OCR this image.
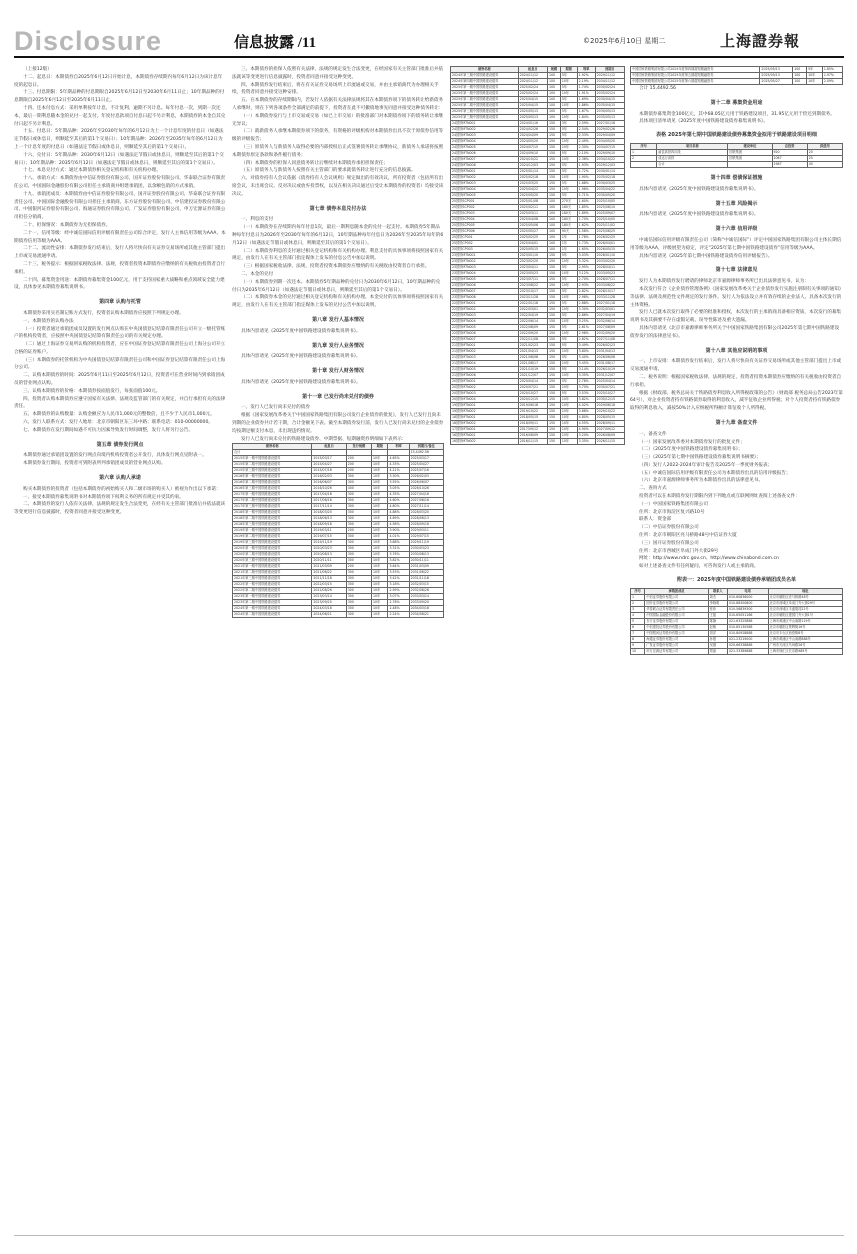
Disclosure	信息披露 /11	©2025年6月10日 星期二	上海證券報

（上接12版）

十二、起息日：本期债券自2025年6月12日开始计息，本期债券存续期内每年6月12日为该计息年度的起息日。

十三、付息期限：5年期品种的付息期限自2025年6月12日至2030年6月11日止；10年期品种的付息期限自2025年6月12日至2035年6月11日止。

十四、还本付息方式：采用单利按年计息，不计复利。逾期不另计息。每年付息一次，到期一次还本，最后一期利息随本金的兑付一起支付。年度付息款项自付息日起不另计利息，本期债券的本金自其兑付日起不另计利息。

十五、付息日：5年期品种：2026年至2030年每年的6月12日为上一个计息年度的付息日（如遇法定节假日或休息日，则顺延至其后的第1个交易日）；10年期品种：2026年至2035年每年的6月12日为上一个计息年度的付息日（如遇法定节假日或休息日，则顺延至其后的第1个交易日）。

十六、兑付日：5年期品种：2030年6月12日（如遇法定节假日或休息日，则顺延至其后的第1个交易日）；10年期品种：2035年6月12日（如遇法定节假日或休息日，则顺延至其后的第1个交易日）。

十七、本息兑付方式：通过本期债券相关登记机构和有关机构办理。

十八、承销方式：本期债券由中信证券股份有限公司、国开证券股份有限公司、华泰联合证券有限责任公司、中国国际金融股份有限公司担任主承销商并组建承销团，以余额包销的方式承销。

十九、承销团成员：本期债券由中信证券股份有限公司、国开证券股份有限公司、华泰联合证券有限责任公司、中国国际金融股份有限公司担任主承销商，东方证券股份有限公司、中信建投证券股份有限公司、中国银河证券股份有限公司、海通证券股份有限公司、广发证券股份有限公司、申万宏源证券有限公司担任分销商。

二十、担保情况：本期债券为无担保债券。

二十一、信用等级：经中诚信国际信用评级有限责任公司综合评定，发行人主体信用等级为AAA，本期债券信用等级为AAA。

二十二、流动性安排：本期债券发行结束后，发行人将尽快向有关证券交易场所或其他主管部门提出上市或交易流通申请。

二十三、税务提示：根据国家税收法律、法规，投资者投资本期债券应缴纳的有关税收由投资者自行承担。

二十四、募集资金用途：本期债券募集资金100亿元，用于支持国家重大战略和重点领域安全能力建设，具体参见本期债券募集说明书。

第四章 认购与托管

本期债券采用实名制记账方式发行，投资者认购本期债券应按照下列规定办理。

一、本期债券的认购办法

（一）投资者通过承销团成员设置的发行网点认购在中央国债登记结算有限责任公司开立一级托管账户的机构投资者，应按照中央国债登记结算有限责任公司的有关规定办理。

（二）通过上海证券交易所认购的机构投资者，应在中国证券登记结算有限责任公司上海分公司开立合格的证券账户。

（三）本期债券的托管机构为中央国债登记结算有限责任公司和中国证券登记结算有限责任公司上海分公司。

二、认购本期债券的时间：2025年6月11日至2025年6月12日，投资者可在营业时间内到承销团成员的营业网点认购。

三、认购本期债券的价格：本期债券按面值发行，每张面值100元。

四、投资者认购本期债券应遵守国家有关法律、法规及监管部门的有关规定，并自行承担有关的法律责任。

五、本期债券的认购数量：认购金额应为人民币1,000元的整数倍，且不少于人民币1,000元。

六、发行人联系方式：发行人地址：北京市朝阳区东三环中路；联系电话：010-00000000。

七、本期债券在发行期间如遇不可抗力因素导致发行时间调整，发行人将另行公告。

第五章 债券发行网点

本期债券通过承销团设置的发行网点向境内机构投资者公开发行，具体发行网点见附表一。

本期债券发行期间，投资者可到附表所列承销团成员的营业网点认购。

第六章 认购人承诺

购买本期债券的投资者（包括本期债券的初始购买人和二级市场的购买人）被视为作出以下承诺：

一、接受本期债券募集说明书对本期债券项下权利义务的所有规定并受其约束。

二、本期债券的发行人依有关法律、法规的规定发生合法变更，在经有关主管部门批准后并依法就该等变更进行信息披露时，投资者同意并接受这种变更。

三、本期债券的担保人依照有关法律、法规的规定发生合法变更，在经国家有关主管部门批准后并依法就该等变更进行信息披露时，投资者同意并接受这种变更。

四、本期债券发行结束后，将在有关证券交易场所上市流通或交易，并由主承销商代为办理相关手续，投资者同意并接受这种安排。

五、在本期债券的存续期限内，若发行人依据有关法律法规将其在本期债券项下的债务转让给新债务人承继时，则在下列各项条件全部满足的前提下，投资者在此不可撤销地事先同意并接受这种债务转让：

（一）本期债券发行与上市交易或交易（如已上市交易）的批准部门对本期债券项下的债务转让承继无异议；

（二）就新债务人承继本期债券项下的债务，有资格的评级机构对本期债券出具不次于原债券信用等级的评级报告；

（三）原债务人与新债务人取得必要的内部授权后正式签署债务转让承继协议，新债务人承诺将按照本期债券原定条款和条件履行债务；

（四）本期债券的担保人同意债务转让后继续对本期债券承担担保责任；

（五）原债务人与新债务人按照有关主管部门的要求就债务转让进行充分的信息披露。

六、对债券持有人会议依据《债券持有人会议规则》规定做出的有效决议，所有投资者（包括所有出席会议、未出席会议、反对决议或放弃投票权，以及在相关决议通过后受让本期债券的投资者）均接受该决议。

第七章 债券本息兑付办法

一、利息的支付

（一）本期债券在存续期内每年付息1次，最后一期利息随本金的兑付一起支付。本期债券5年期品种每年付息日为2026年至2030年每年的6月12日，10年期品种每年付息日为2026年至2035年每年的6月12日（如遇法定节假日或休息日，则顺延至其后的第1个交易日）。

（二）本期债券利息的支付通过相关登记机构和有关机构办理。利息支付的具体事项将按照国家有关规定，由发行人在有关主管部门指定媒体上发布的付息公告中加以说明。

（三）根据国家税收法律、法规，投资者投资本期债券应缴纳的有关税收由投资者自行承担。

二、本金的兑付

（一）本期债券到期一次还本。本期债券5年期品种的兑付日为2030年6月12日，10年期品种的兑付日为2035年6月12日（如遇法定节假日或休息日，则顺延至其后的第1个交易日）。

（二）本期债券本金的兑付通过相关登记机构和有关机构办理。本金兑付的具体事项将按照国家有关规定，由发行人在有关主管部门指定媒体上发布的兑付公告中加以说明。

第八章 发行人基本情况

具体内容请见《2025年度中国铁路建设债券募集说明书》。

第九章 发行人业务情况

具体内容请见《2025年度中国铁路建设债券募集说明书》。

第十章 发行人财务情况

具体内容请见《2025年度中国铁路建设债券募集说明书》。

第十一章 已发行尚未兑付的债券

一、发行人已发行尚未兑付的债券

根据《国家发展改革委关于中国国家铁路集团有限公司发行企业债券的批复》，发行人已发行且尚未到期的企业债券共计若干期，合计金额见下表。截至本期债券发行前，发行人已发行尚未兑付的企业债券均按期足额支付本息，未出现违约情况。

发行人已发行尚未兑付的铁路建设债券、中期票据、短期融资券明细如下表所示：

债券名称	起息日	发行规模	期限	利率	到期日/备注
合计					15,4492.56
2015年第一期中国铁路建设债券	2015/03/17	200	10年	4.65%	2025/03/17
2015年第二期中国铁路建设债券	2015/04/27	200	10年	4.33%	2025/04/27
2015年第三期中国铁路建设债券	2015/07/16	200	10年	4.21%	2025/07/16
2016年第一期中国铁路建设债券	2016/02/03	300	10年	3.30%	2026/02/03
2016年第二期中国铁路建设债券	2016/06/07	300	10年	3.55%	2026/06/07
2016年第三期中国铁路建设债券	2016/10/26	400	10年	3.05%	2026/10/26
2017年第一期中国铁路建设债券	2017/04/18	300	10年	4.35%	2027/04/18
2017年第二期中国铁路建设债券	2017/08/16	300	10年	4.60%	2027/08/16
2017年第三期中国铁路建设债券	2017/11/14	300	10年	4.80%	2027/11/14
2018年第一期中国铁路建设债券	2018/03/20	300	10年	4.88%	2028/03/20
2018年第二期中国铁路建设债券	2018/06/13	300	10年	4.69%	2028/06/13
2018年第三期中国铁路建设债券	2018/09/18	300	10年	4.58%	2028/09/18
2019年第一期中国铁路建设债券	2019/03/11	200	10年	3.90%	2029/03/11
2019年第二期中国铁路建设债券	2019/07/15	300	10年	4.01%	2029/07/15
2019年第三期中国铁路建设债券	2019/11/19	300	10年	3.88%	2029/11/19
2020年第一期中国铁路建设债券	2020/03/23	300	10年	3.31%	2030/03/23
2020年第二期中国铁路建设债券	2020/08/13	300	10年	3.76%	2030/08/13
2020年第三期中国铁路建设债券	2020/11/11	300	10年	3.82%	2030/11/11
2021年第一期中国铁路建设债券	2021/03/09	200	10年	3.64%	2031/03/09
2021年第二期中国铁路建设债券	2021/06/22	300	10年	3.53%	2031/06/22
2021年第三期中国铁路建设债券	2021/11/18	300	10年	3.42%	2031/11/18
2022年第一期中国铁路建设债券	2022/03/15	300	10年	3.18%	2032/03/15
2022年第二期中国铁路建设债券	2022/08/26	300	10年	2.99%	2032/08/26
2023年第一期中国铁路建设债券	2023/03/14	300	10年	3.07%	2033/03/14
2023年第二期中国铁路建设债券	2023/09/20	300	10年	2.78%	2033/09/20
2024年第一期中国铁路建设债券	2024/03/18	300	10年	2.48%	2034/03/18
2024年第二期中国铁路建设债券	2024/08/21	300	10年	2.24%	2034/08/21
债券名称	起息日	规模	期限	利率	到期日
2024年第三期中国铁路建设债券	2024/11/12	100	5年	1.92%	2029/11/12
2024年第四期中国铁路建设债券	2024/11/12	100	10年	2.19%	2034/11/12
2025年第一期中国铁路建设债券	2025/02/24	100	5年	1.74%	2030/02/24
2025年第一期中国铁路建设债券	2025/02/24	100	10年	1.91%	2035/02/24
2025年第二期中国铁路建设债券	2025/04/15	100	5年	1.69%	2030/04/15
2025年第二期中国铁路建设债券	2025/04/15	100	10年	1.86%	2035/04/15
2025年第三期中国铁路建设债券	2025/05/13	100	5年	1.67%	2030/05/13
2025年第三期中国铁路建设债券	2025/05/13	100	10年	1.84%	2035/05/13
24国铁MTN001	2024/01/16	150	3年	2.59%	2027/01/16
24国铁MTN002	2024/02/26	150	5年	2.54%	2029/02/26
24国铁MTN003	2024/04/09	150	5年	2.33%	2029/04/09
24国铁MTN004	2024/05/20	150	10年	2.49%	2034/05/20
24国铁MTN005	2024/07/15	150	10年	2.30%	2034/07/15
24国铁MTN006	2024/09/10	150	5年	2.10%	2029/09/10
24国铁MTN007	2024/10/22	150	10年	2.36%	2034/10/22
24国铁MTN008	2024/12/03	150	5年	1.93%	2029/12/03
25国铁MTN001	2025/01/14	150	5年	1.72%	2030/01/14
25国铁MTN002	2025/02/18	150	10年	1.90%	2035/02/18
25国铁MTN003	2025/03/25	150	5年	1.88%	2030/03/25
25国铁MTN004	2025/04/22	150	10年	1.96%	2035/04/22
25国铁MTN005	2025/05/20	150	5年	1.71%	2030/05/20
25国铁SCP001	2025/01/08	100	270天	1.60%	2025/10/05
25国铁SCP002	2025/02/11	100	180天	1.85%	2025/08/10
25国铁SCP003	2025/03/11	100	180天	1.89%	2025/09/07
25国铁SCP004	2025/04/08	100	180天	1.70%	2025/10/05
25国铁SCP005	2025/05/06	100	180天	1.62%	2025/11/02
25国铁SCP006	2025/05/27	100	90天	1.58%	2025/08/25
25国铁CP001	2025/02/25	100	1年	1.78%	2026/02/25
25国铁CP002	2025/04/01	100	1年	1.73%	2026/04/01
25国铁CP003	2025/05/15	100	1年	1.65%	2026/05/15
23国铁MTN001	2023/01/10	150	5年	3.03%	2028/01/10
23国铁MTN002	2023/02/20	150	10年	3.32%	2033/02/20
23国铁MTN003	2023/04/11	150	5年	2.95%	2028/04/11
23国铁MTN004	2023/05/23	150	10年	3.12%	2033/05/23
23国铁MTN005	2023/07/11	150	5年	2.70%	2028/07/11
23国铁MTN006	2023/08/22	150	10年	2.93%	2033/08/22
23国铁MTN007	2023/10/17	150	5年	2.82%	2028/10/17
23国铁MTN008	2023/11/28	150	10年	2.98%	2033/11/28
22国铁MTN001	2022/01/18	150	5年	2.88%	2027/01/18
22国铁MTN002	2022/03/01	150	10年	3.30%	2032/03/01
22国铁MTN003	2022/04/19	150	5年	2.86%	2027/04/19
22国铁MTN004	2022/06/14	150	10年	3.25%	2032/06/14
22国铁MTN005	2022/08/09	150	5年	2.61%	2027/08/09
22国铁MTN006	2022/09/20	150	10年	2.98%	2032/09/20
22国铁MTN007	2022/11/08	150	5年	2.62%	2027/11/08
21国铁MTN001	2021/02/23	150	5年	3.49%	2026/02/23
21国铁MTN002	2021/04/13	150	10年	3.80%	2031/04/13
21国铁MTN003	2021/06/08	150	5年	3.40%	2026/06/08
21国铁MTN004	2021/08/17	150	10年	3.45%	2031/08/17
21国铁MTN005	2021/10/19	150	5年	3.14%	2026/10/19
21国铁MTN006	2021/12/07	150	10年	3.35%	2031/12/07
20国铁MTN001	2020/04/14	150	5年	2.78%	2025/04/14
20国铁MTN002	2020/07/21	150	10年	3.70%	2030/07/21
20国铁MTN003	2020/10/27	150	5年	3.53%	2025/10/27
20国铁MTN004	2020/12/15	150	10年	3.82%	2030/12/15
19国铁MTN001	2019/06/18	150	10年	4.02%	2029/06/18
19国铁MTN002	2019/10/22	150	10年	3.88%	2029/10/22
18国铁MTN001	2018/05/15	150	10年	4.80%	2028/05/15
18国铁MTN002	2018/09/11	150	10年	4.55%	2028/09/11
17国铁MTN001	2017/09/12	150	10年	4.90%	2027/09/12
16国铁MTN001	2016/08/09	150	10年	3.20%	2026/08/09
16国铁MTN002	2016/11/15	150	10年	3.35%	2026/11/15
中国国家铁路集团有限公司2025年度第四期超短期融资券	2025/05/13	100	5年	1.85%
中国国家铁路集团有限公司2025年度第五期超短期融资券	2025/05/13	100	10年	1.97%
中国国家铁路集团有限公司2025年度第六期超短期融资券	2025/05/27	100	10年	2.09%

合计 15,4492.56

第十二章 募集资金用途

本期债券募集资金100亿元，其中68.05亿元用于铁路建设项目，31.95亿元用于偿还到期债务。

具体项目清单请见《2025年度中国铁路建设债券募集说明书》。

表格 2025年第七期中国铁路建设债券募集资金拟用于铁路建设项目明细
序号	项目名称	建设单位	总投资	拟使用
1	渝昆高铁四川段	国铁集团	920	20
2	成达万高铁	国铁集团	1067	25
	合计		1987	45
第十四章 偿债保证措施

具体内容请见《2025年度中国铁路建设债券募集说明书》。

第十五章 风险揭示

具体内容请见《2025年度中国铁路建设债券募集说明书》。

第十六章 信用评级

中诚信国际信用评级有限责任公司（简称“中诚信国际”）评定中国国家铁路集团有限公司主体长期信用等级为AAA，评级展望为稳定，评定“2025年第七期中国铁路建设债券”信用等级为AAA。

具体内容请见《2025年第七期中国铁路建设债券信用评级报告》。

第十七章 法律意见

发行人为本期债券发行聘请的律师北京市嘉源律师事务所已出具法律意见书，认为：

本次发行符合《企业债券管理条例》《国家发展改革委关于企业债券发行实施注册制有关事项的通知》等法律、法规及规范性文件规定的发行条件。发行人为依法设立并有效存续的企业法人，具备本次发行的主体资格。

发行人已就本次发行取得了必要的批准和授权，本次发行的主承销商具备相应资质，本次发行的募集说明书及其摘要不存在虚假记载、误导性陈述及重大遗漏。

具体内容请见《北京市嘉源律师事务所关于中国国家铁路集团有限公司2025年第七期中国铁路建设债券发行的法律意见书》。

第十八章 其他应说明的事项

一、上市安排：本期债券发行结束后，发行人将尽快向有关证券交易场所或其他主管部门提出上市或交易流通申请。

二、税务说明：根据国家税收法律、法规的规定，投资者投资本期债券应缴纳的有关税收由投资者自行承担。

根据《财政部、税务总局关于铁路债券利息收入所得税政策的公告》（财政部 税务总局公告2023年第64号），对企业投资者持有铁路债券取得的利息收入，减半征收企业所得税；对个人投资者持有铁路债券取得的利息收入，减按50%计入应纳税所得额计算征收个人所得税。

第十九章 备查文件

一、备查文件

（一）国家发展改革委对本期债券发行的批复文件；

（二）《2025年度中国铁路建设债券募集说明书》；

（三）《2025年第七期中国铁路建设债券募集说明书摘要》；

（四）发行人2022-2024年审计报告及2025年一季度财务报表；

（五）中诚信国际信用评级有限责任公司为本期债券出具的信用评级报告；

（六）北京市嘉源律师事务所为本期债券出具的法律意见书。

二、查询方式

投资者可以在本期债券发行期限内到下列地点或互联网网址查阅上述备查文件：

（一）中国国家铁路集团有限公司

住所：北京市海淀区复兴路10号

联系人：资金部

（二）中信证券股份有限公司

住所：北京市朝阳区亮马桥路48号中信证券大厦

（三）国开证券股份有限公司

住所：北京市西城区阜成门外大街29号

网址：http://www.ndrc.gov.cn、http://www.chinabond.com.cn

如对上述备查文件有任何疑问，可咨询发行人或主承销商。

附表一：2025年度中国铁路建设债券承销团成员名单
序号	承销团成员	联系人	电话	地址
1	中信证券股份有限公司	周杰	010-60836000	北京市朝阳区亮马桥路48号
2	国开证券股份有限公司	李晓明	010-88300800	北京市西城区阜成门外大街29号
3	华泰联合证券有限责任公司	张伟	010-56839300	北京市西城区丰盛胡同22号
4	中国国际金融股份有限公司	王磊	010-65051166	北京市朝阳区建国门外大街1号
5	东方证券股份有限公司	陈静	021-63325888	上海市黄浦区中山南路119号
6	中信建投证券股份有限公司	赵敏	010-85130588	北京市朝阳区景辉街16号
7	中国银河证券股份有限公司	刘洋	010-80928888	北京市丰台区西营街8号
8	海通证券股份有限公司	孙强	021-23219000	上海市黄浦区中山南路888号
9	广发证券股份有限公司	吴刚	020-66338888	广州市天河区马场路26号
10	申万宏源证券有限公司	郑丽	021-33389888	上海市徐汇区长乐路989号
